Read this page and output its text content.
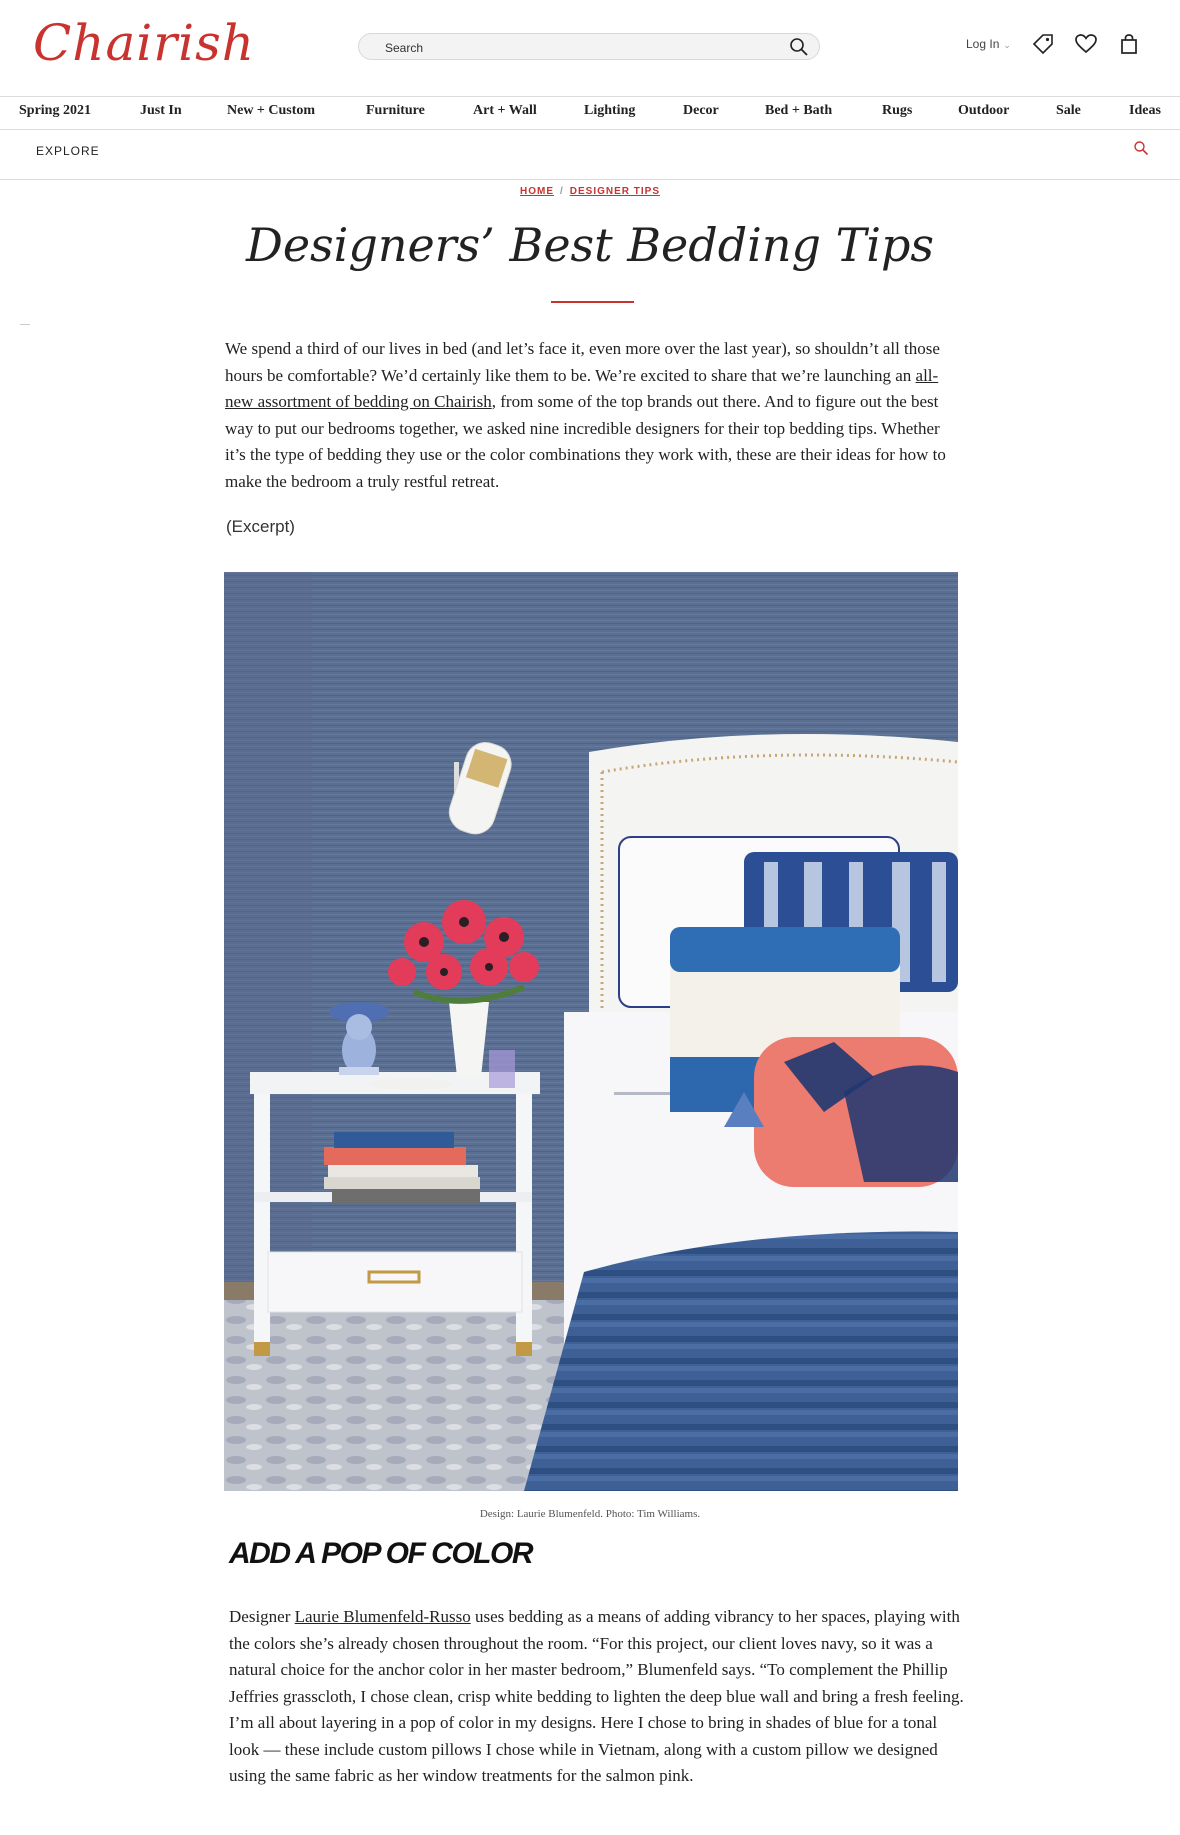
Chairish
Search	Log In ⌄
Spring 2021	Just In	New + Custom	Furniture	Art + Wall	Lighting	Decor	Bed + Bath	Rugs	Outdoor	Sale	Ideas
EXPLORE
HOME / DESIGNER TIPS
Designers’ Best Bedding Tips

We spend a third of our lives in bed (and let’s face it, even more over the last year), so shouldn’t all those hours be comfortable? We’d certainly like them to be. We’re excited to share that we’re launching an all-new assortment of bedding on Chairish, from some of the top brands out there. And to figure out the best way to put our bedrooms together, we asked nine incredible designers for their top bedding tips. Whether it’s the type of bedding they use or the color combinations they work with, these are their ideas for how to make the bedroom a truly restful retreat.

(Excerpt)
Design: Laurie Blumenfeld. Photo: Tim Williams.
ADD A POP OF COLOR

Designer Laurie Blumenfeld-Russo uses bedding as a means of adding vibrancy to her spaces, playing with the colors she’s already chosen throughout the room. “For this project, our client loves navy, so it was a natural choice for the anchor color in her master bedroom,” Blumenfeld says. “To complement the Phillip Jeffries grasscloth, I chose clean, crisp white bedding to lighten the deep blue wall and bring a fresh feeling. I’m all about layering in a pop of color in my designs. Here I chose to bring in shades of blue for a tonal look — these include custom pillows I chose while in Vietnam, along with a custom pillow we designed using the same fabric as her window treatments for the salmon pink.
